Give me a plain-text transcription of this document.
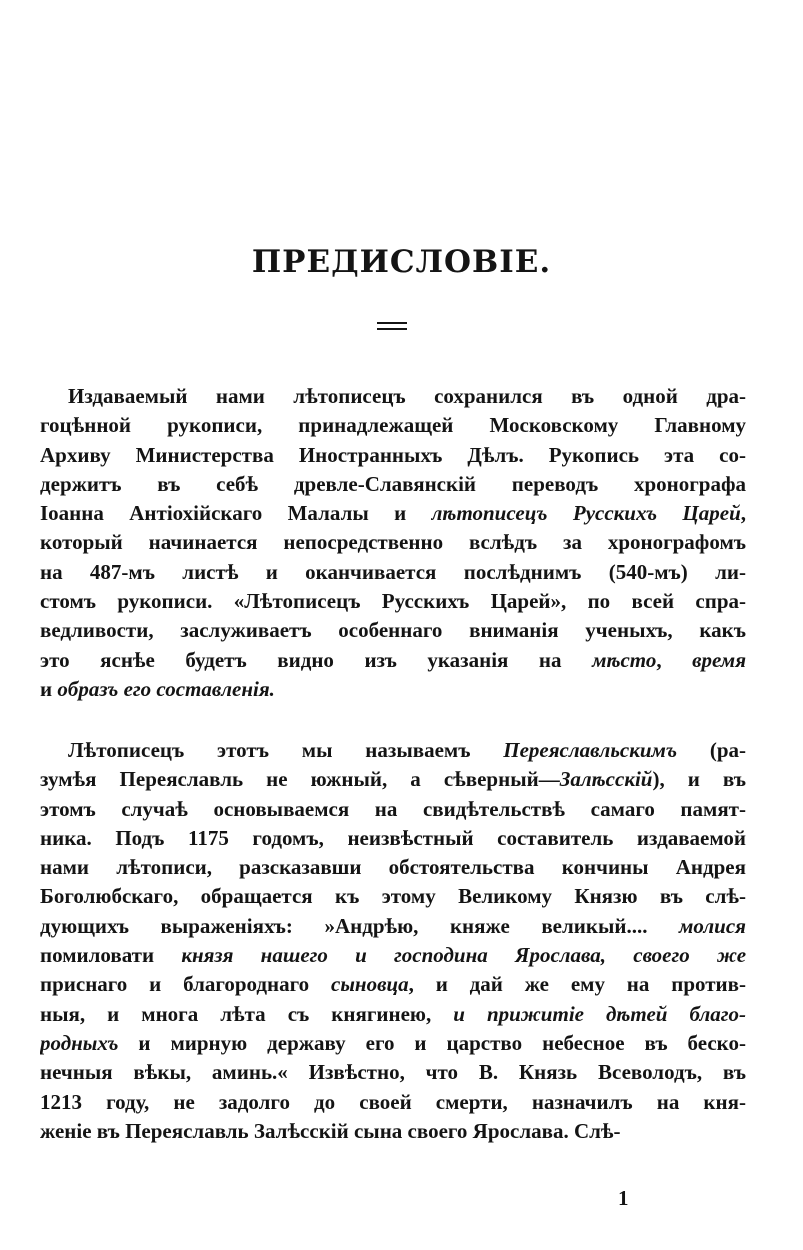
ПРЕДИСЛОВІЕ.
Издаваемый нами лѣтописецъ сохранился въ одной дра-
гоцѣнной рукописи, принадлежащей Московскому Главному
Архиву Министерства Иностранныхъ Дѣлъ. Рукопись эта со-
держитъ въ себѣ древле-Славянскій переводъ хронографа
Іоанна Антіохійскаго Малалы и лѣтописецъ Русскихъ Царей,
который начинается непосредственно вслѣдъ за хронографомъ
на 487-мъ листѣ и оканчивается послѣднимъ (540-мъ) ли-
стомъ рукописи. «Лѣтописецъ Русскихъ Царей», по всей спра-
ведливости, заслуживаетъ особеннаго вниманія ученыхъ, какъ
это яснѣе будетъ видно изъ указанія на мѣсто, время
и образъ его составленія.
Лѣтописецъ этотъ мы называемъ Переяславльскимъ (ра-
зумѣя Переяславль не южный, а сѣверный—Залѣсскій), и въ
этомъ случаѣ основываемся на свидѣтельствѣ самаго памят-
ника. Подъ 1175 годомъ, неизвѣстный составитель издаваемой
нами лѣтописи, разсказавши обстоятельства кончины Андрея
Боголюбскаго, обращается къ этому Великому Князю въ слѣ-
дующихъ выраженіяхъ: »Андрѣю, княже великый.... молися
помиловати князя нашего и господина Ярослава, своего же
приснаго и благороднаго сыновца, и дай же ему на против-
ныя, и многа лѣта съ княгинею, и прижитіе дѣтей благо-
родныхъ и мирную державу его и царство небесное въ беско-
нечныя вѣкы, аминь.« Извѣстно, что В. Князь Всеволодъ, въ
1213 году, не задолго до своей смерти, назначилъ на кня-
женіе въ Переяславль Залѣсскій сына своего Ярослава. Слѣ-
1
